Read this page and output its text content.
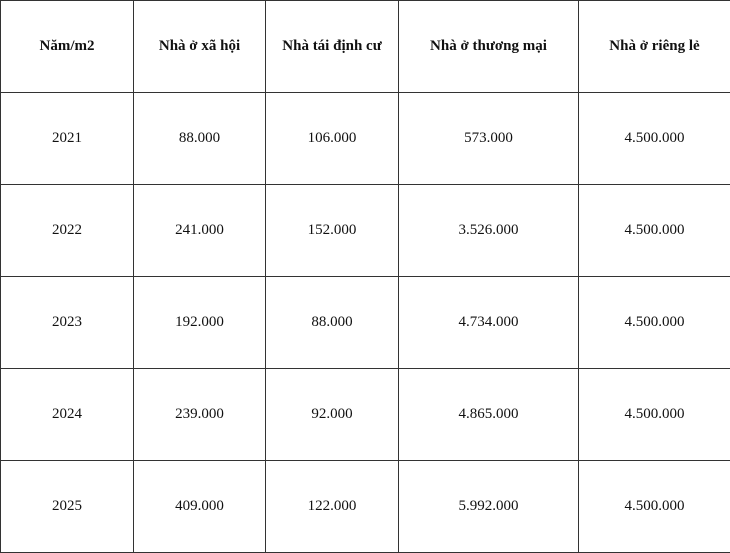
Năm/m2	Nhà ở xã hội	Nhà tái định cư	Nhà ở thương mại	Nhà ở riêng lẻ
2021	88.000	106.000	573.000	4.500.000
2022	241.000	152.000	3.526.000	4.500.000
2023	192.000	88.000	4.734.000	4.500.000
2024	239.000	92.000	4.865.000	4.500.000
2025	409.000	122.000	5.992.000	4.500.000
